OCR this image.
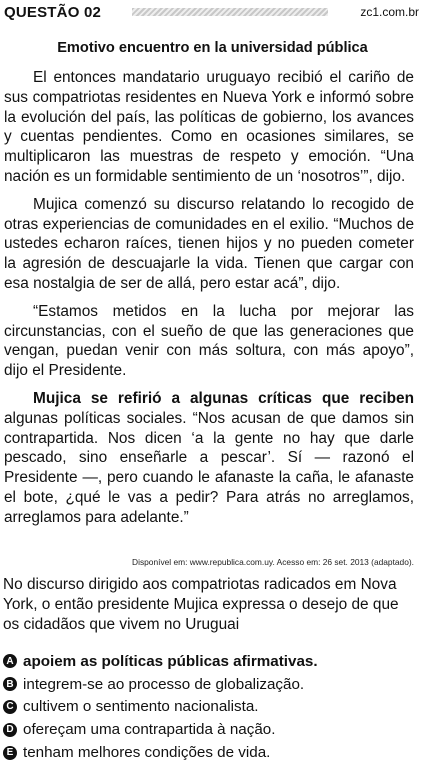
QUESTÃO 02	zc1.com.br
Emotivo encuentro en la universidad pública

El entonces mandatario uruguayo recibió el cariño de sus compatriotas residentes en Nueva York e informó sobre la evolución del país, las políticas de gobierno, los avances y cuentas pendientes. Como en ocasiones similares, se multiplicaron las muestras de respeto y emoción. “Una nación es un formidable sentimiento de un ‘nosotros’”, dijo.

Mujica comenzó su discurso relatando lo recogido de otras experiencias de comunidades en el exilio. “Muchos de ustedes echaron raíces, tienen hijos y no pueden cometer la agresión de descuajarle la vida. Tienen que cargar con esa nostalgia de ser de allá, pero estar acá”, dijo.

“Estamos metidos en la lucha por mejorar las circunstancias, con el sueño de que las generaciones que vengan, puedan venir con más soltura, con más apoyo”, dijo el Presidente.

Mujica se refirió a algunas críticas que reciben algunas políticas sociales. “Nos acusan de que damos sin contrapartida. Nos dicen ‘a la gente no hay que darle pescado, sino enseñarle a pescar’. Sí — razonó el Presidente —, pero cuando le afanaste la caña, le afanaste el bote, ¿qué le vas a pedir? Para atrás no arreglamos, arreglamos para adelante.”

Disponível em: www.republica.com.uy. Acesso em: 26 set. 2013 (adaptado).
No discurso dirigido aos compatriotas radicados em Nova York, o então presidente Mujica expressa o desejo de que os cidadãos que vivem no Uruguai
A apoiem as políticas públicas afirmativas.
B integrem-se ao processo de globalização.
C cultivem o sentimento nacionalista.
D ofereçam uma contrapartida à nação.
E tenham melhores condições de vida.
